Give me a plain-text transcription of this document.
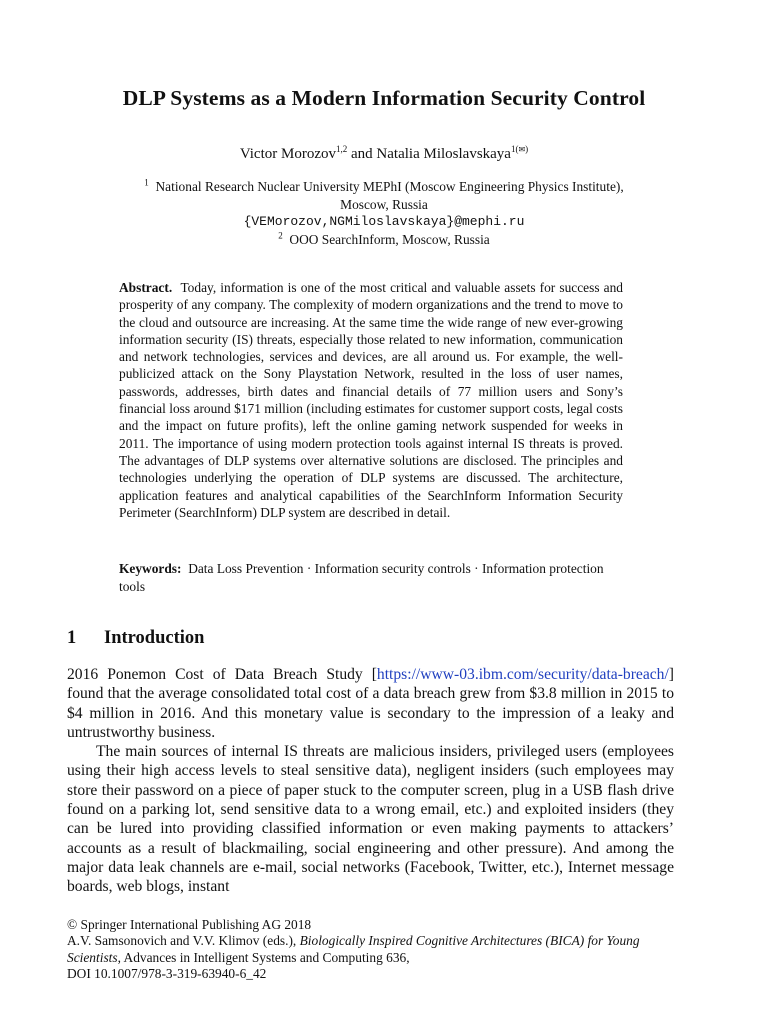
DLP Systems as a Modern Information Security Control
Victor Morozov$^{1,2}$ and Natalia Miloslavskaya$^{1(✉)}$
$^1$ National Research Nuclear University MEPhI (Moscow Engineering Physics Institute),
Moscow, Russia
{VEMorozov,NGMiloslavskaya}@mephi.ru
$^2$ OOO SearchInform, Moscow, Russia
Abstract. Today, information is one of the most critical and valuable assets for success and prosperity of any company. The complexity of modern organizations and the trend to move to the cloud and outsource are increasing. At the same time the wide range of new ever-growing information security (IS) threats, especially those related to new information, communication and network technologies, services and devices, are all around us. For example, the well-publicized attack on the Sony Playstation Network, resulted in the loss of user names, passwords, addresses, birth dates and financial details of 77 million users and Sony’s financial loss around $171 million (including estimates for customer support costs, legal costs and the impact on future profits), left the online gaming network suspended for weeks in 2011. The importance of using modern protection tools against internal IS threats is proved. The advantages of DLP systems over alternative solutions are disclosed. The principles and technologies underlying the operation of DLP systems are discussed. The architecture, application features and analytical capabilities of the SearchInform Information Security Perimeter (SearchInform) DLP system are described in detail.
Keywords: Data Loss Prevention · Information security controls · Information protection tools
1 Introduction

2016 Ponemon Cost of Data Breach Study [https://www-03.ibm.com/security/data-breach/] found that the average consolidated total cost of a data breach grew from $3.8 million in 2015 to $4 million in 2016. And this monetary value is secondary to the impression of a leaky and untrustworthy business.

The main sources of internal IS threats are malicious insiders, privileged users (employees using their high access levels to steal sensitive data), negligent insiders (such employees may store their password on a piece of paper stuck to the computer screen, plug in a USB flash drive found on a parking lot, send sensitive data to a wrong email, etc.) and exploited insiders (they can be lured into providing classified information or even making payments to attackers’ accounts as a result of blackmailing, social engineering and other pressure). And among the major data leak channels are e-mail, social networks (Facebook, Twitter, etc.), Internet message boards, web blogs, instant

© Springer International Publishing AG 2018
A.V. Samsonovich and V.V. Klimov (eds.), Biologically Inspired Cognitive Architectures (BICA) for Young Scientists, Advances in Intelligent Systems and Computing 636,
DOI 10.1007/978-3-319-63940-6_42
